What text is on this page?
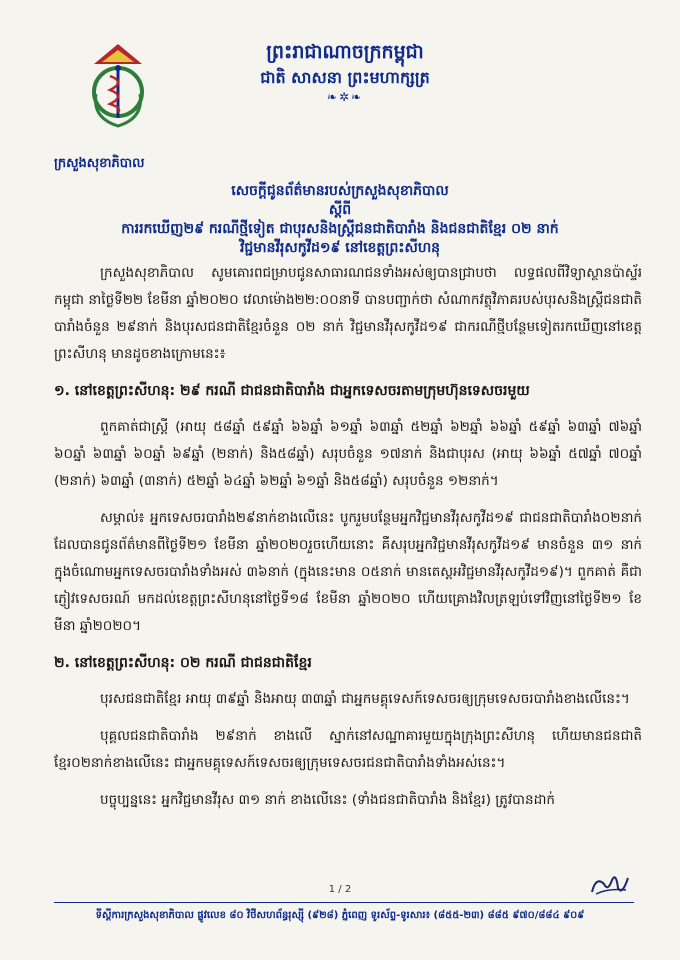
ក្រសួងសុខាភិបាល
ព្រះរាជាណាចក្រកម្ពុជា
ជាតិ សាសនា ព្រះមហាក្សត្រ
❧✲❧
សេចក្តីជូនព័ត៌មានរបស់ក្រសួងសុខាភិបាល
ស្តីពី
ការរកឃើញ២៩ ករណីថ្មីទៀត ជាបុរសនិងស្រ្តីជនជាតិបារាំង និងជនជាតិខ្មែរ ០២ នាក់
វិជ្ជមានវីរុសកូវីដ១៩ នៅខេត្តព្រះសីហនុ

ក្រសួងសុខាភិបាល សូមគោរពជម្រាបជូនសាធារណជនទាំងអស់ឲ្យបានជ្រាបថា លទ្ធផលពីវិទ្យាស្ថានប៉ាស្ទ័រកម្ពុជា នាថ្ងៃទី២២ ខែមីនា ឆ្នាំ២០២០ វេលាម៉ោង២២:០០នាទី បានបញ្ជាក់ថា សំណាកវត្ថុវិភាគរបស់បុរសនិងស្រ្តីជនជាតិបារាំងចំនួន ២៩នាក់ និងបុរសជនជាតិខ្មែរចំនួន ០២ នាក់ វិជ្ជមានវីរុសកូវីដ១៩ ជាករណីថ្មីបន្ថែមទៀតរកឃើញនៅខេត្តព្រះសីហនុ មានដូចខាងក្រោមនេះ៖

១. នៅខេត្តព្រះសីហនុ: ២៩ ករណី ជាជនជាតិបារាំង ជាអ្នកទេសចរតាមក្រុមហ៊ុនទេសចរមួយ

ពួកគាត់ជាស្ត្រី (អាយុ ៥៨ឆ្នាំ ៥៩ឆ្នាំ ៦៦ឆ្នាំ ៦១ឆ្នាំ ៦៣ឆ្នាំ ៥២ឆ្នាំ ៦២ឆ្នាំ ៦៦ឆ្នាំ ៥៩ឆ្នាំ ៦៣ឆ្នាំ ៧៦ឆ្នាំ ៦០ឆ្នាំ ៦៣ឆ្នាំ ៦០ឆ្នាំ ៦៩ឆ្នាំ (២នាក់) និង៥៨ឆ្នាំ) សរុបចំនួន ១៧នាក់ និងជាបុរស (អាយុ ៦៦ឆ្នាំ ៥៧ឆ្នាំ ៧០ឆ្នាំ (២នាក់) ៦៣ឆ្នាំ (៣នាក់) ៥២ឆ្នាំ ៦៤ឆ្នាំ ៦២ឆ្នាំ ៦១ឆ្នាំ និង៥៨ឆ្នាំ) សរុបចំនួន ១២នាក់។

សម្គាល់៖ អ្នកទេសចរបារាំង២៩នាក់ខាងលើនេះ បូករួមបន្ថែមអ្នកវិជ្ជមានវីរុសកូវីដ១៩ ជាជនជាតិបារាំង០២នាក់ ដែលបានជូនព័ត៌មានពីថ្ងៃទី២១ ខែមីនា ឆ្នាំ២០២០រួចហើយនោះ គឺសរុបអ្នកវិជ្ជមានវីរុសកូវីដ១៩ មានចំនួន ៣១ នាក់ ក្នុងចំណោមអ្នកទេសចរបារាំងទាំងអស់ ៣៦នាក់ (ក្នុងនេះមាន ០៥នាក់ មានតេស្តអវិជ្ជមានវីរុសកូវីដ១៩)។ ពួកគាត់ គឺជាភ្ញៀវទេសចរណ៍ មកដល់ខេត្តព្រះសីហនុនៅថ្ងៃទី១៨ ខែមីនា ឆ្នាំ២០២០ ហើយគ្រោងវិលត្រឡប់ទៅវិញនៅថ្ងៃទី២១ ខែមីនា ឆ្នាំ២០២០។

២. នៅខេត្តព្រះសីហនុ: ០២ ករណី ជាជនជាតិខ្មែរ

បុរសជនជាតិខ្មែរ អាយុ ៣៩ឆ្នាំ និងអាយុ ៣៣ឆ្នាំ ជាអ្នកមគ្គុទេសក៍ទេសចរឲ្យក្រុមទេសចរបារាំងខាងលើនេះ។

បុគ្គលជនជាតិបារាំង ២៩នាក់ ខាងលើ ស្នាក់នៅសណ្ឋាគារមួយក្នុងក្រុងព្រះសីហនុ ហើយមានជនជាតិខ្មែរ០២នាក់ខាងលើនេះ ជាអ្នកមគ្គុទេសក៍ទេសចរឲ្យក្រុមទេសចរជនជាតិបារាំងទាំងអស់នេះ។

បច្ចុប្បន្ននេះ អ្នកវិជ្ជមានវីរុស ៣១ នាក់ ខាងលើនេះ (ទាំងជនជាតិបារាំង និងខ្មែរ) ត្រូវបានដាក់

1 / 2
ទីស្តីការក្រសួងសុខាភិបាល ផ្លូវលេខ ៨០ វិថីសហព័ន្ធរុស្ស៊ី (៩២៨) ភ្នំពេញ ទូរស័ព្ទ-ទូរសារ៖ (៨៥៥-២៣) ៨៨៥ ៩៧០/៨៨៤ ៩០៩
